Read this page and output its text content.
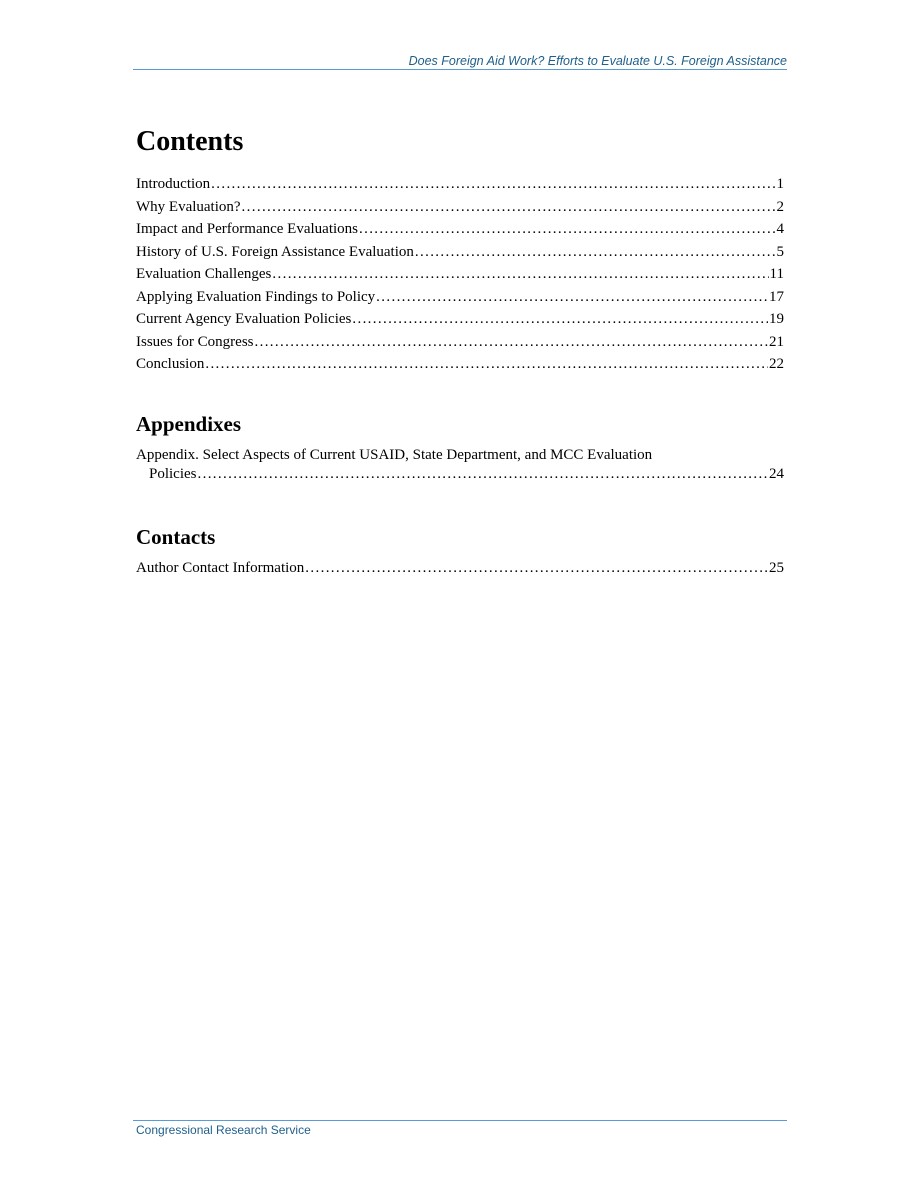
Does Foreign Aid Work? Efforts to Evaluate U.S. Foreign Assistance
Contents
Introduction . . .	1
Why Evaluation? . . .	2
Impact and Performance Evaluations . . .	4
History of U.S. Foreign Assistance Evaluation . . .	5
Evaluation Challenges . . .	11
Applying Evaluation Findings to Policy . . .	17
Current Agency Evaluation Policies . . .	19
Issues for Congress . . .	21
Conclusion . . .	22
Appendixes
Appendix. Select Aspects of Current USAID, State Department, and MCC Evaluation
Policies . . .	24
Contacts
Author Contact Information . . .	25
Congressional Research Service
